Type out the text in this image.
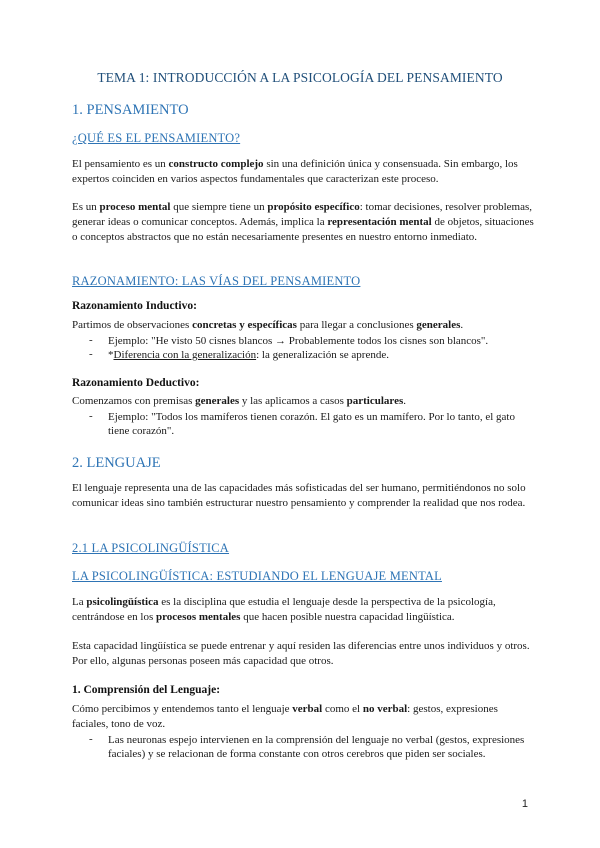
TEMA 1: INTRODUCCIÓN A LA PSICOLOGÍA DEL PENSAMIENTO
1. PENSAMIENTO
¿QUÉ ES EL PENSAMIENTO?
El pensamiento es un constructo complejo sin una definición única y consensuada. Sin embargo, los expertos coinciden en varios aspectos fundamentales que caracterizan este proceso.
Es un proceso mental que siempre tiene un propósito específico: tomar decisiones, resolver problemas, generar ideas o comunicar conceptos. Además, implica la representación mental de objetos, situaciones o conceptos abstractos que no están necesariamente presentes en nuestro entorno inmediato.
RAZONAMIENTO: LAS VÍAS DEL PENSAMIENTO
Razonamiento Inductivo:
Partimos de observaciones concretas y específicas para llegar a conclusiones generales.
- Ejemplo: "He visto 50 cisnes blancos → Probablemente todos los cisnes son blancos".
- *Diferencia con la generalización: la generalización se aprende.
Razonamiento Deductivo:
Comenzamos con premisas generales y las aplicamos a casos particulares.
- Ejemplo: "Todos los mamíferos tienen corazón. El gato es un mamífero. Por lo tanto, el gato tiene corazón".
2. LENGUAJE
El lenguaje representa una de las capacidades más sofisticadas del ser humano, permitiéndonos no solo comunicar ideas sino también estructurar nuestro pensamiento y comprender la realidad que nos rodea.
2.1 LA PSICOLINGÜÍSTICA
LA PSICOLINGÜÍSTICA: ESTUDIANDO EL LENGUAJE MENTAL
La psicolingüística es la disciplina que estudia el lenguaje desde la perspectiva de la psicología, centrándose en los procesos mentales que hacen posible nuestra capacidad lingüística.
Esta capacidad lingüística se puede entrenar y aquí residen las diferencias entre unos individuos y otros. Por ello, algunas personas poseen más capacidad que otros.
1. Comprensión del Lenguaje:
Cómo percibimos y entendemos tanto el lenguaje verbal como el no verbal: gestos, expresiones faciales, tono de voz.
- Las neuronas espejo intervienen en la comprensión del lenguaje no verbal (gestos, expresiones faciales) y se relacionan de forma constante con otros cerebros que piden ser sociales.
1
